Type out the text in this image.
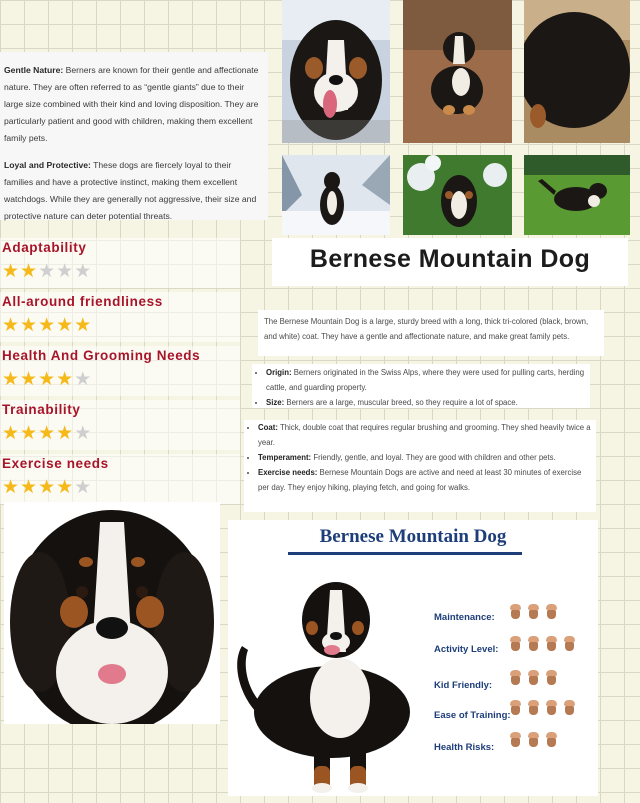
Gentle Nature: Berners are known for their gentle and affectionate nature. They are often referred to as “gentle giants” due to their large size combined with their kind and loving disposition. They are particularly patient and good with children, making them excellent family pets.

Loyal and Protective: These dogs are fiercely loyal to their families and have a protective instinct, making them excellent watchdogs. While they are generally not aggressive, their size and protective nature can deter potential threats.

Adaptability
★★★★★
All-around friendliness
★★★★★
Health And Grooming Needs
★★★★★
Trainability
★★★★★
Exercise needs
★★★★★
Bernese Mountain Dog
The Bernese Mountain Dog is a large, sturdy breed with a long, thick tri-colored (black, brown, and white) coat. They have a gentle and affectionate nature, and make great family pets.
• Origin: Berners originated in the Swiss Alps, where they were used for pulling carts, herding cattle, and guarding property.
• Size: Berners are a large, muscular breed, so they require a lot of space.
• Coat: Thick, double coat that requires regular brushing and grooming. They shed heavily twice a year.
• Temperament: Friendly, gentle, and loyal. They are good with children and other pets.
• Exercise needs: Bernese Mountain Dogs are active and need at least 30 minutes of exercise per day. They enjoy hiking, playing fetch, and going for walks.
Bernese Mountain Dog
Maintenance:
Activity Level:
Kid Friendly:
Ease of Training:
Health Risks:
